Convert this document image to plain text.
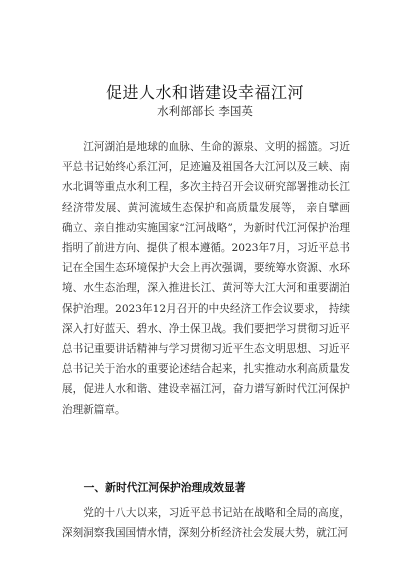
促进人水和谐建设幸福江河
水利部部长 李国英
江河湖泊是地球的血脉、生命的源泉、文明的摇篮。习近平总书记始终心系江河，足迹遍及祖国各大江河以及三峡、南水北调等重点水利工程，多次主持召开会议研究部署推动长江经济带发展、黄河流域生态保护和高质量发展等， 亲自擘画确立、亲自推动实施国家“江河战略”，为新时代江河保护治理指明了前进方向、提供了根本遵循。2023年7月，习近平总书记在全国生态环境保护大会上再次强调，要统筹水资源、水环境、水生态治理，深入推进长江、黄河等大江大河和重要湖泊保护治理。2023年12月召开的中央经济工作会议要求， 持续深入打好蓝天、碧水、净土保卫战。我们要把学习贯彻习近平总书记重要讲话精神与学习贯彻习近平生态文明思想、习近平总书记关于治水的重要论述结合起来，扎实推动水利高质量发展，促进人水和谐、建设幸福江河，奋力谱写新时代江河保护治理新篇章。
一、新时代江河保护治理成效显著
党的十八大以来，习近平总书记站在战略和全局的高度，深刻洞察我国国情水情，深刻分析经济社会发展大势，就江河
